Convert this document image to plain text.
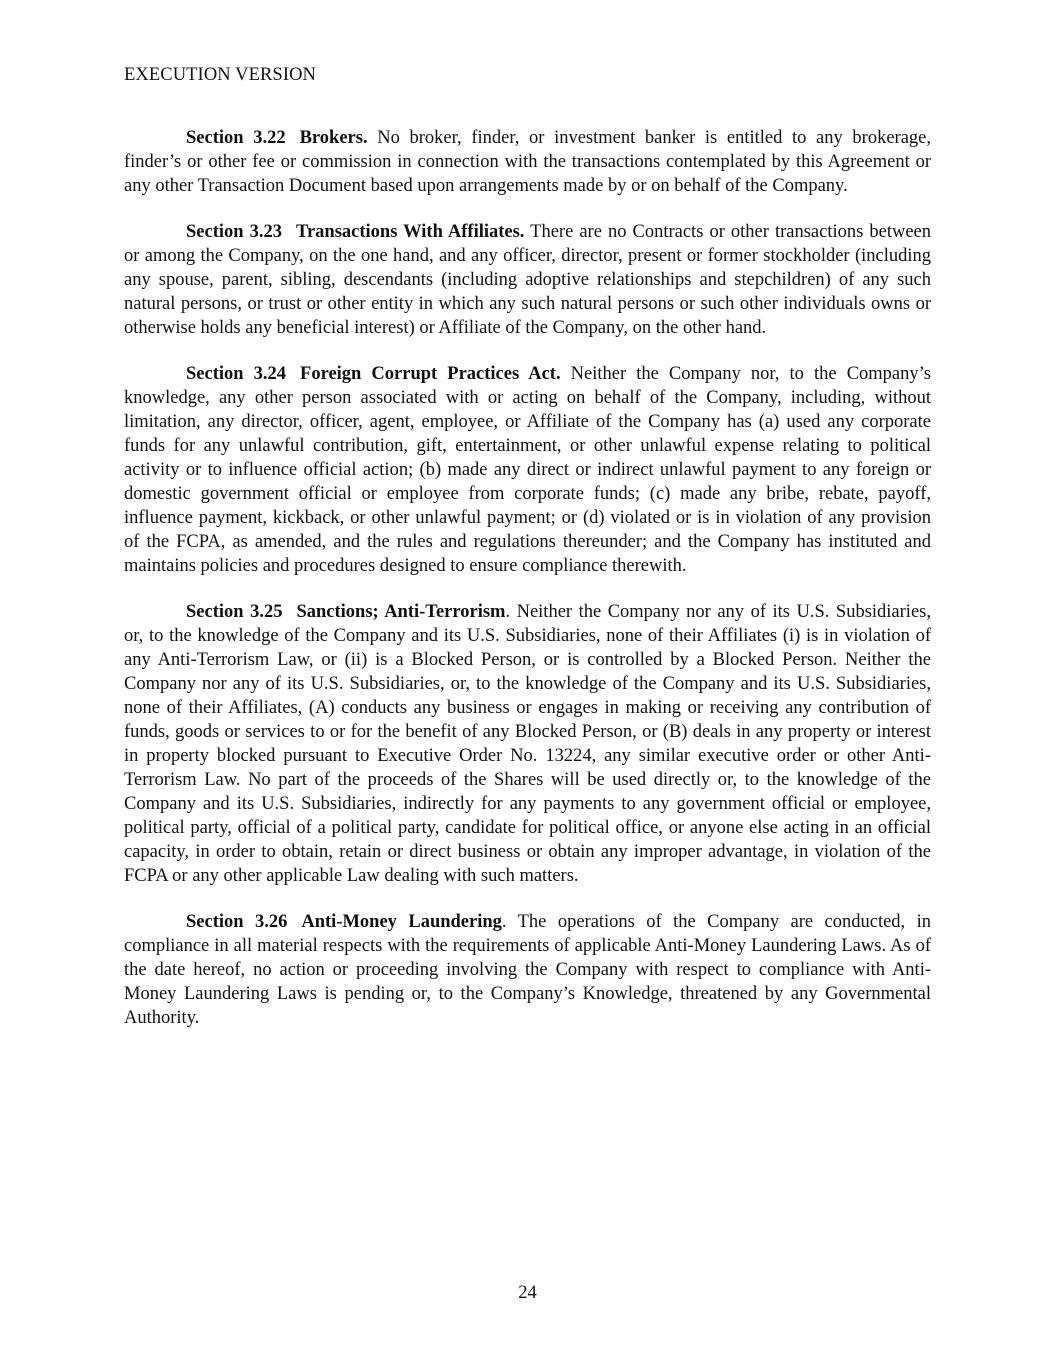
EXECUTION VERSION

Section 3.22 Brokers. No broker, finder, or investment banker is entitled to any brokerage, finder’s or other fee or commission in connection with the transactions contemplated by this Agreement or any other Transaction Document based upon arrangements made by or on behalf of the Company.

Section 3.23 Transactions With Affiliates. There are no Contracts or other transactions between or among the Company, on the one hand, and any officer, director, present or former stockholder (including any spouse, parent, sibling, descendants (including adoptive relationships and stepchildren) of any such natural persons, or trust or other entity in which any such natural persons or such other individuals owns or otherwise holds any beneficial interest) or Affiliate of the Company, on the other hand.

Section 3.24 Foreign Corrupt Practices Act. Neither the Company nor, to the Company’s knowledge, any other person associated with or acting on behalf of the Company, including, without limitation, any director, officer, agent, employee, or Affiliate of the Company has (a) used any corporate funds for any unlawful contribution, gift, entertainment, or other unlawful expense relating to political activity or to influence official action; (b) made any direct or indirect unlawful payment to any foreign or domestic government official or employee from corporate funds; (c) made any bribe, rebate, payoff, influence payment, kickback, or other unlawful payment; or (d) violated or is in violation of any provision of the FCPA, as amended, and the rules and regulations thereunder; and the Company has instituted and maintains policies and procedures designed to ensure compliance therewith.

Section 3.25 Sanctions; Anti-Terrorism. Neither the Company nor any of its U.S. Subsidiaries, or, to the knowledge of the Company and its U.S. Subsidiaries, none of their Affiliates (i) is in violation of any Anti-Terrorism Law, or (ii) is a Blocked Person, or is controlled by a Blocked Person. Neither the Company nor any of its U.S. Subsidiaries, or, to the knowledge of the Company and its U.S. Subsidiaries, none of their Affiliates, (A) conducts any business or engages in making or receiving any contribution of funds, goods or services to or for the benefit of any Blocked Person, or (B) deals in any property or interest in property blocked pursuant to Executive Order No. 13224, any similar executive order or other Anti-Terrorism Law. No part of the proceeds of the Shares will be used directly or, to the knowledge of the Company and its U.S. Subsidiaries, indirectly for any payments to any government official or employee, political party, official of a political party, candidate for political office, or anyone else acting in an official capacity, in order to obtain, retain or direct business or obtain any improper advantage, in violation of the FCPA or any other applicable Law dealing with such matters.

Section 3.26 Anti-Money Laundering. The operations of the Company are conducted, in compliance in all material respects with the requirements of applicable Anti-Money Laundering Laws. As of the date hereof, no action or proceeding involving the Company with respect to compliance with Anti-Money Laundering Laws is pending or, to the Company’s Knowledge, threatened by any Governmental Authority.

24
